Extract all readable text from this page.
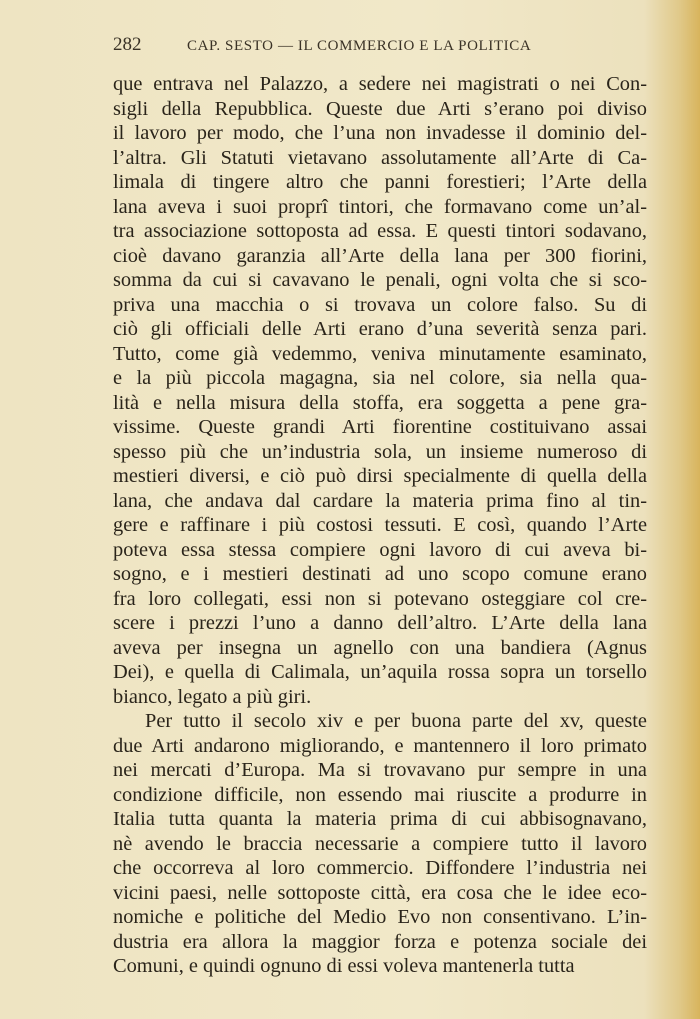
282	CAP. SESTO — IL COMMERCIO E LA POLITICA

que entrava nel Palazzo, a sedere nei magistrati o nei Con-
sigli della Repubblica. Queste due Arti s’erano poi diviso
il lavoro per modo, che l’una non invadesse il dominio del-
l’altra. Gli Statuti vietavano assolutamente all’Arte di Ca-
limala di tingere altro che panni forestieri; l’Arte della
lana aveva i suoi proprî tintori, che formavano come un’al-
tra associazione sottoposta ad essa. E questi tintori sodavano,
cioè davano garanzia all’Arte della lana per 300 fiorini,
somma da cui si cavavano le penali, ogni volta che si sco-
priva una macchia o si trovava un colore falso. Su di
ciò gli officiali delle Arti erano d’una severità senza pari.
Tutto, come già vedemmo, veniva minutamente esaminato,
e la più piccola magagna, sia nel colore, sia nella qua-
lità e nella misura della stoffa, era soggetta a pene gra-
vissime. Queste grandi Arti fiorentine costituivano assai
spesso più che un’industria sola, un insieme numeroso di
mestieri diversi, e ciò può dirsi specialmente di quella della
lana, che andava dal cardare la materia prima fino al tin-
gere e raffinare i più costosi tessuti. E così, quando l’Arte
poteva essa stessa compiere ogni lavoro di cui aveva bi-
sogno, e i mestieri destinati ad uno scopo comune erano
fra loro collegati, essi non si potevano osteggiare col cre-
scere i prezzi l’uno a danno dell’altro. L’Arte della lana
aveva per insegna un agnello con una bandiera (Agnus
Dei), e quella di Calimala, un’aquila rossa sopra un torsello
bianco, legato a più giri.

Per tutto il secolo xiv e per buona parte del xv, queste
due Arti andarono migliorando, e mantennero il loro primato
nei mercati d’Europa. Ma si trovavano pur sempre in una
condizione difficile, non essendo mai riuscite a produrre in
Italia tutta quanta la materia prima di cui abbisognavano,
nè avendo le braccia necessarie a compiere tutto il lavoro
che occorreva al loro commercio. Diffondere l’industria nei
vicini paesi, nelle sottoposte città, era cosa che le idee eco-
nomiche e politiche del Medio Evo non consentivano. L’in-
dustria era allora la maggior forza e potenza sociale dei
Comuni, e quindi ognuno di essi voleva mantenerla tutta
